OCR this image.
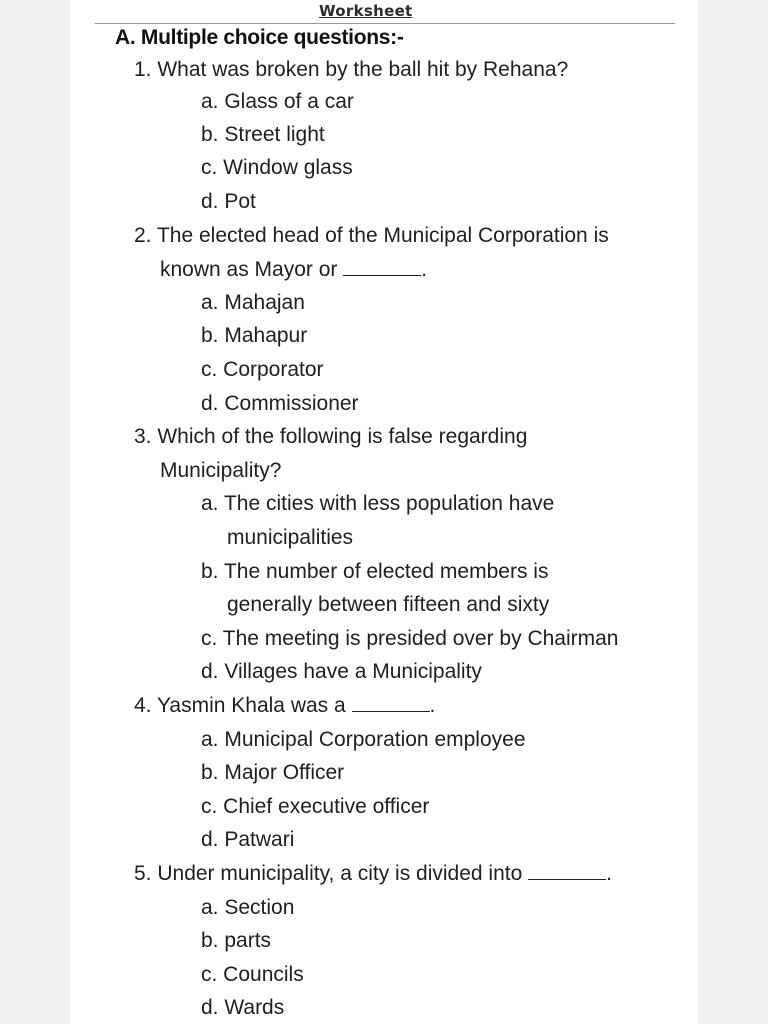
Worksheet
A. Multiple choice questions:-
1. What was broken by the ball hit by Rehana?
a. Glass of a car
b. Street light
c. Window glass
d. Pot
2. The elected head of the Municipal Corporation is
known as Mayor or	.
a. Mahajan
b. Mahapur
c. Corporator
d. Commissioner
3. Which of the following is false regarding
Municipality?
a. The cities with less population have
municipalities
b. The number of elected members is
generally between fifteen and sixty
c. The meeting is presided over by Chairman
d. Villages have a Municipality
4. Yasmin Khala was a	.
a. Municipal Corporation employee
b. Major Officer
c. Chief executive officer
d. Patwari
5. Under municipality, a city is divided into	.
a. Section
b. parts
c. Councils
d. Wards
